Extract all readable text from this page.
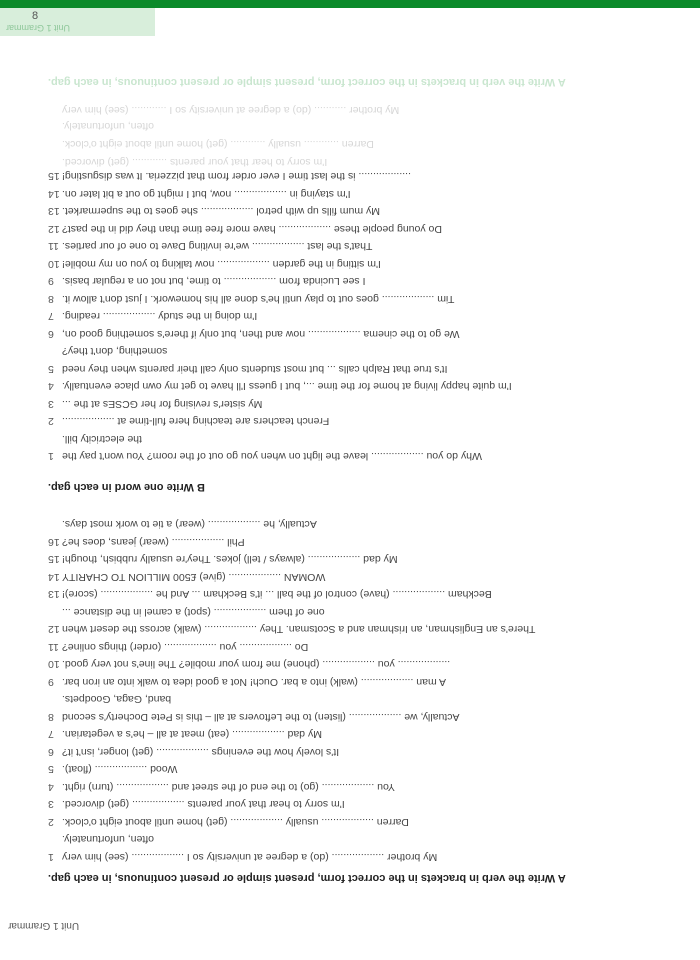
8
Unit 1 Grammar
A Write the verb in brackets in the correct form, present simple or present continuous, in each gap.
My brother ........... (do) a degree at university so I ............ (see) him very
often, unfortunately.
Darren ............ usually ............ (get) home until about eight o'clock.
I'm sorry to hear that your parents ............ (get) divorced.
15 .................. is the last time I ever order from that pizzeria. It was disgusting!
14 I'm staying in .................. now, but I might go out a bit later on.
13 My mum fills up with petrol .................. she goes to the supermarket.
12 Do young people these .................. have more free time than they did in the past?
11 That's the last .................. we're inviting Dave to one of our parties.
10 I'm sitting in the garden .................. now talking to you on my mobile!
9 I see Lucinda from .................. to time, but not on a regular basis.
8 Tim .................. goes out to play until he's done all his homework. I just don't allow it.
7 I'm doing in the study .................. reading.
6 We go to the cinema .................. now and then, but only if there's something good on,
something, don't they?
5 It's true that Ralph calls ... but most students only call their parents when they need
4 I'm quite happy living at home for the time ..., but I guess I'll have to get my own place eventually.
3 My sister's revising for her GCSEs at the ...
2 French teachers are teaching here full-time at ..................
the electricity bill.
1 Why do you .................. leave the light on when you go out of the room? You won't pay the
B Write one word in each gap.
Actually, he .................. (wear) a tie to work most days.
16 Phil .................. (wear) jeans, does he?
15 My dad .................. (always / tell) jokes. They're usually rubbish, though!
14 WOMAN .................. (give) £500 MILLION TO CHARITY
13 Beckham .................. (have) control of the ball ... it's Beckham ... And he .................. (score)!
one of them .................. (spot) a camel in the distance ...
12 There's an Englishman, an Irishman and a Scotsman. They .................. (walk) across the desert when
11 Do .................. you .................. (order) things online?
10 .................. you .................. (phone) me from your mobile? The line's not very good.
9 A man .................. (walk) into a bar. Ouch! Not a good idea to walk into an iron bar.
band, Gaga, Goodpets.
8 Actually, we .................. (listen) to the Leftovers at all – this is Pete Docherty's second
7 My dad .................. (eat) meat at all – he's a vegetarian.
6 It's lovely how the evenings .................. (get) longer, isn't it?
5 Wood .................. (float).
4 You .................. (go) to the end of the street and .................. (turn) right.
3 I'm sorry to hear that your parents .................. (get) divorced.
2 Darren .................. usually .................. (get) home until about eight o'clock.
often, unfortunately.
1 My brother .................. (do) a degree at university so I .................. (see) him very
A Write the verb in brackets in the correct form, present simple or present continuous, in each gap.
Unit 1 Grammar
